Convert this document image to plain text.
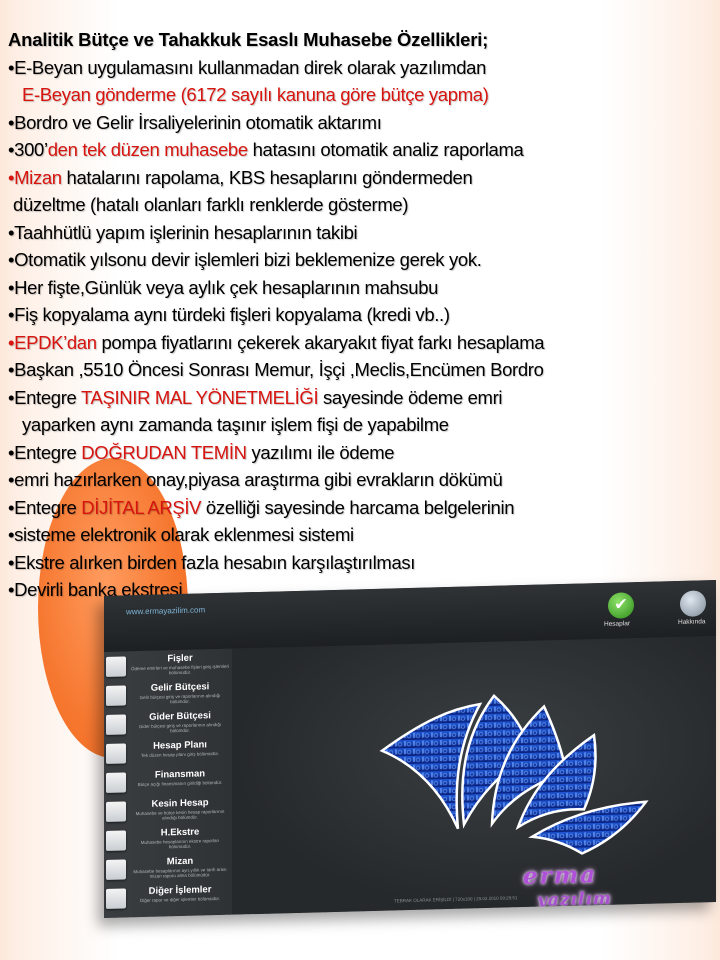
Analitik Bütçe ve Tahakkuk Esaslı Muhasebe Özellikleri;
•E-Beyan uygulamasını kullanmadan direk olarak yazılımdan
E-Beyan gönderme (6172 sayılı kanuna göre bütçe yapma)
•Bordro ve Gelir İrsaliyelerinin otomatik aktarımı
•300’den tek düzen muhasebe hatasını otomatik analiz raporlama
•Mizan hatalarını rapolama, KBS hesaplarını göndermeden
düzeltme (hatalı olanları farklı renklerde gösterme)
•Taahhütlü yapım işlerinin hesaplarının takibi
•Otomatik yılsonu devir işlemleri bizi beklemenize gerek yok.
•Her fişte,Günlük veya aylık çek hesaplarının mahsubu
•Fiş kopyalama aynı türdeki fişleri kopyalama (kredi vb..)
•EPDK’dan pompa fiyatlarını çekerek akaryakıt fiyat farkı hesaplama
•Başkan ,5510 Öncesi Sonrası Memur, İşçi ,Meclis,Encümen Bordro
•Entegre TAŞINIR MAL YÖNETMELİĞİ sayesinde ödeme emri
yaparken aynı zamanda taşınır işlem fişi de yapabilme
•Entegre DOĞRUDAN TEMİN yazılımı ile ödeme
•emri hazırlarken onay,piyasa araştırma gibi evrakların dökümü
•Entegre DİJİTAL ARŞİV özelliği sayesinde harcama belgelerinin
•sisteme elektronik olarak eklenmesi sistemi
•Ekstre alırken birden fazla hesabın karşılaştırılması
•Devirli banka ekstresi
www.ermayazilim.com	✔
Hesaplar	Hakkında
Fişler
Ödeme emirleri ve muhasebe fişleri giriş işlemleri bölümüdür.
Gelir Bütçesi
Gelir bütçesi giriş ve raporlarının alındığı bölümdür.
Gider Bütçesi
Gider bütçesi giriş ve raporlarının alındığı bölümdür.
Hesap Planı
Tek düzen hesap planı giriş bölümüdür.
Finansman
Bütçe açığı finansmanın girildiği bölümdür.
Kesin Hesap
Muhasebe ve bütçe kesin hesap raporlarının alındığı bölümdür.
H.Ekstre
Muhasebe hesaplarının ekstre raporları bölümüdür.
Mizan
Muhasebe hesaplarının ayrı,yıllık ve tarih arası mizan raporu alma bölümüdür.
Diğer İşlemler
Diğer rapor ve diğer işlemler bölümüdür.
erma
yazılım
TEBRAK OLARAK ERİŞİLDİ | 720x100 | 29.02.2010 09:29:51
